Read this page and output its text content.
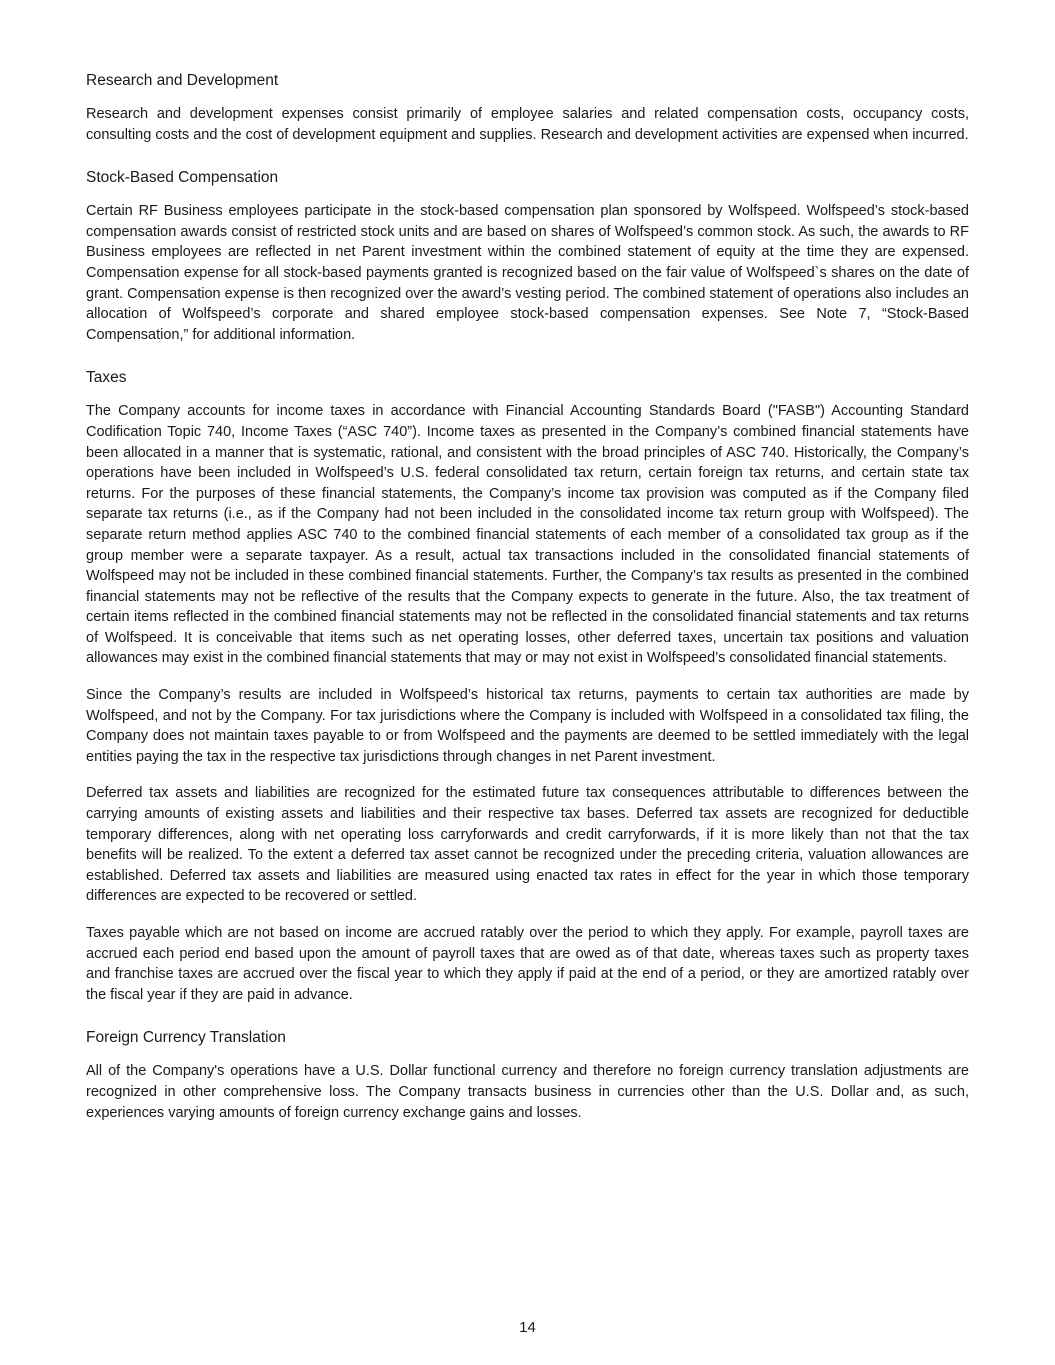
Research and Development

Research and development expenses consist primarily of employee salaries and related compensation costs, occupancy costs, consulting costs and the cost of development equipment and supplies. Research and development activities are expensed when incurred.

Stock-Based Compensation

Certain RF Business employees participate in the stock-based compensation plan sponsored by Wolfspeed. Wolfspeed’s stock-based compensation awards consist of restricted stock units and are based on shares of Wolfspeed’s common stock. As such, the awards to RF Business employees are reflected in net Parent investment within the combined statement of equity at the time they are expensed. Compensation expense for all stock-based payments granted is recognized based on the fair value of Wolfspeed`s shares on the date of grant. Compensation expense is then recognized over the award’s vesting period. The combined statement of operations also includes an allocation of Wolfspeed’s corporate and shared employee stock-based compensation expenses. See Note 7, “Stock-Based Compensation,” for additional information.

Taxes

The Company accounts for income taxes in accordance with Financial Accounting Standards Board ("FASB") Accounting Standard Codification Topic 740, Income Taxes (“ASC 740”). Income taxes as presented in the Company’s combined financial statements have been allocated in a manner that is systematic, rational, and consistent with the broad principles of ASC 740. Historically, the Company’s operations have been included in Wolfspeed’s U.S. federal consolidated tax return, certain foreign tax returns, and certain state tax returns. For the purposes of these financial statements, the Company’s income tax provision was computed as if the Company filed separate tax returns (i.e., as if the Company had not been included in the consolidated income tax return group with Wolfspeed). The separate return method applies ASC 740 to the combined financial statements of each member of a consolidated tax group as if the group member were a separate taxpayer. As a result, actual tax transactions included in the consolidated financial statements of Wolfspeed may not be included in these combined financial statements. Further, the Company’s tax results as presented in the combined financial statements may not be reflective of the results that the Company expects to generate in the future. Also, the tax treatment of certain items reflected in the combined financial statements may not be reflected in the consolidated financial statements and tax returns of Wolfspeed. It is conceivable that items such as net operating losses, other deferred taxes, uncertain tax positions and valuation allowances may exist in the combined financial statements that may or may not exist in Wolfspeed’s consolidated financial statements.

Since the Company’s results are included in Wolfspeed’s historical tax returns, payments to certain tax authorities are made by Wolfspeed, and not by the Company. For tax jurisdictions where the Company is included with Wolfspeed in a consolidated tax filing, the Company does not maintain taxes payable to or from Wolfspeed and the payments are deemed to be settled immediately with the legal entities paying the tax in the respective tax jurisdictions through changes in net Parent investment.

Deferred tax assets and liabilities are recognized for the estimated future tax consequences attributable to differences between the carrying amounts of existing assets and liabilities and their respective tax bases. Deferred tax assets are recognized for deductible temporary differences, along with net operating loss carryforwards and credit carryforwards, if it is more likely than not that the tax benefits will be realized. To the extent a deferred tax asset cannot be recognized under the preceding criteria, valuation allowances are established. Deferred tax assets and liabilities are measured using enacted tax rates in effect for the year in which those temporary differences are expected to be recovered or settled.

Taxes payable which are not based on income are accrued ratably over the period to which they apply. For example, payroll taxes are accrued each period end based upon the amount of payroll taxes that are owed as of that date, whereas taxes such as property taxes and franchise taxes are accrued over the fiscal year to which they apply if paid at the end of a period, or they are amortized ratably over the fiscal year if they are paid in advance.

Foreign Currency Translation

All of the Company's operations have a U.S. Dollar functional currency and therefore no foreign currency translation adjustments are recognized in other comprehensive loss. The Company transacts business in currencies other than the U.S. Dollar and, as such, experiences varying amounts of foreign currency exchange gains and losses.

14
